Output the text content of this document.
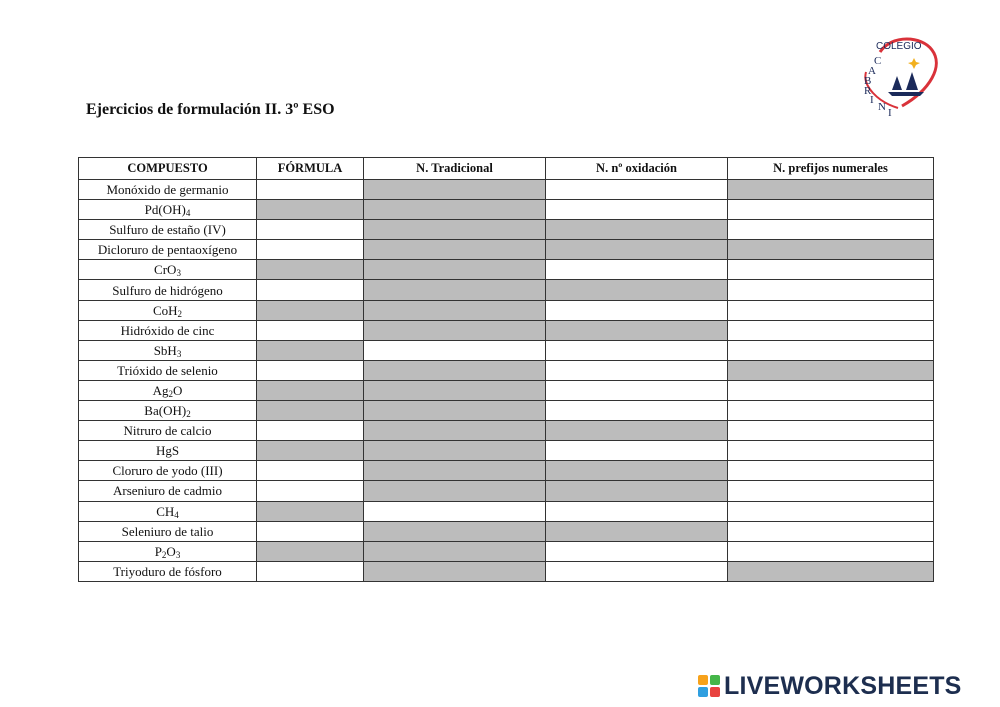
Ejercicios de formulación II. 3º ESO
COLEGIO
C
A
B
R
I
N I
COMPUESTO	FÓRMULA	N. Tradicional	N. nº oxidación	N. prefijos numerales
Monóxido de germanio				
$Pd(OH)_4$				
Sulfuro de estaño (IV)				
Dicloruro de pentaoxígeno				
CrO$_3$				
Sulfuro de hidrógeno				
CoH$_2$				
Hidróxido de cinc				
SbH$_3$				
Trióxido de selenio				
$Ag_2O$				
$Ba(OH)_2$				
Nitruro de calcio				
HgS				
Cloruro de yodo (III)				
Arseniuro de cadmio				
$CH_4$				
Seleniuro de talio				
$P_2O_3$				
Triyoduro de fósforo				
LIVEWORKSHEETS
